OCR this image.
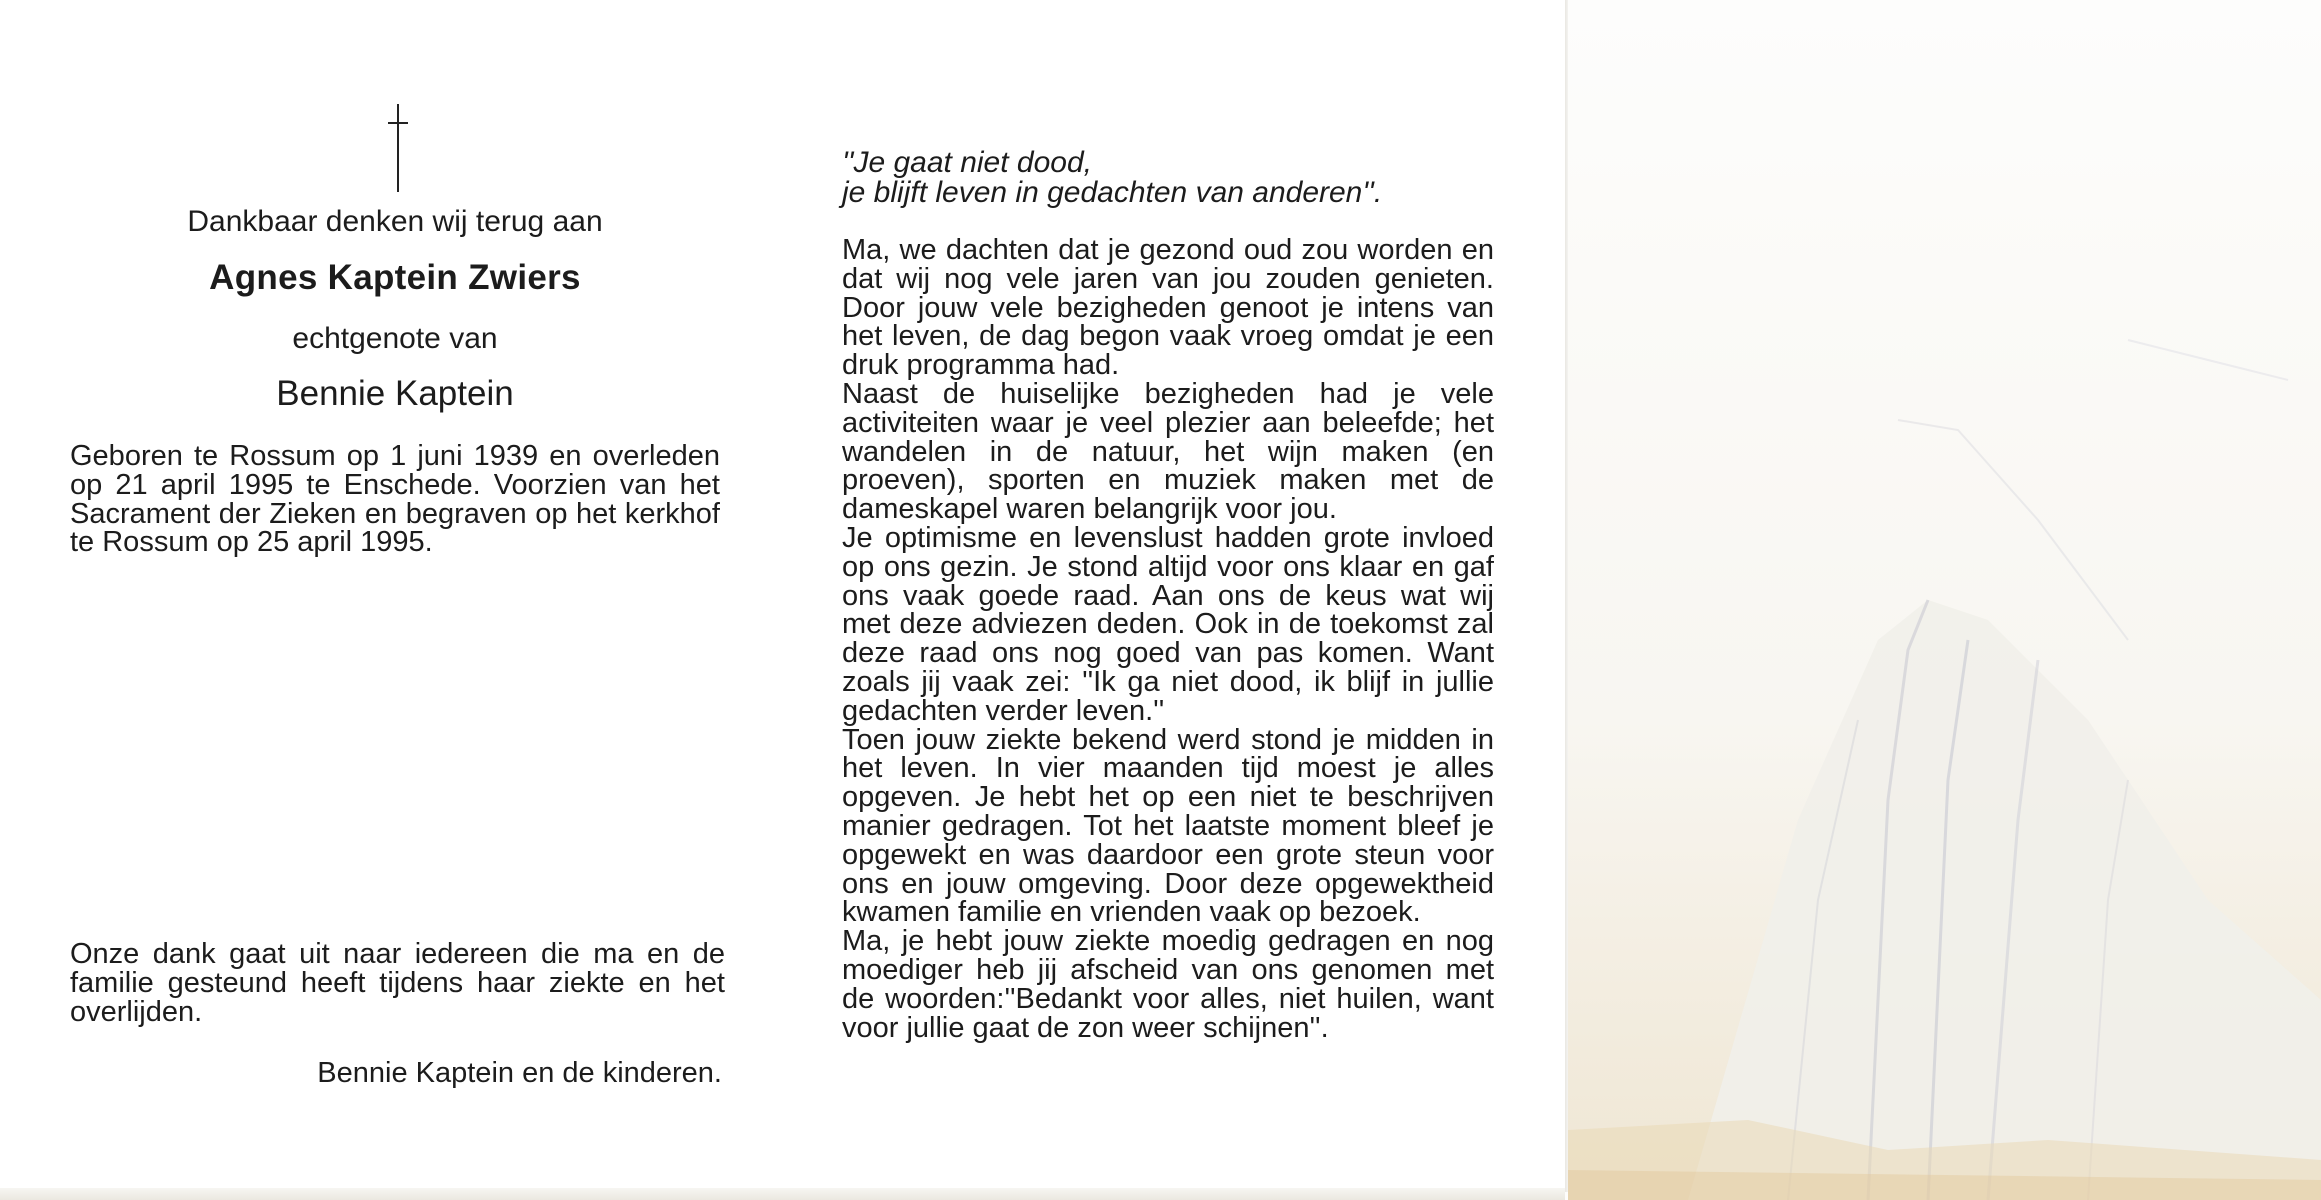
Dankbaar denken wij terug aan
Agnes Kaptein Zwiers
echtgenote van
Bennie Kaptein
Geboren te Rossum op 1 juni 1939 en overleden op 21 april 1995 te Enschede. Voorzien van het Sacrament der Zieken en begraven op het kerkhof te Rossum op 25 april 1995.
Onze dank gaat uit naar iedereen die ma en de familie gesteund heeft tijdens haar ziekte en het overlijden.
Bennie Kaptein en de kinderen.
''Je gaat niet dood,
je blijft leven in gedachten van anderen''.

Ma, we dachten dat je gezond oud zou worden en dat wij nog vele jaren van jou zouden genieten. Door jouw vele bezigheden genoot je intens van het leven, de dag begon vaak vroeg omdat je een druk programma had.

Naast de huiselijke bezigheden had je vele activiteiten waar je veel plezier aan beleefde; het wandelen in de natuur, het wijn maken (en proeven), sporten en muziek maken met de dameskapel waren belangrijk voor jou.

Je optimisme en levenslust hadden grote invloed op ons gezin. Je stond altijd voor ons klaar en gaf ons vaak goede raad. Aan ons de keus wat wij met deze adviezen deden. Ook in de toekomst zal deze raad ons nog goed van pas komen. Want zoals jij vaak zei: ''Ik ga niet dood, ik blijf in jullie gedachten verder leven.''

Toen jouw ziekte bekend werd stond je midden in het leven. In vier maanden tijd moest je alles opgeven. Je hebt het op een niet te beschrijven manier gedragen. Tot het laatste moment bleef je opgewekt en was daardoor een grote steun voor ons en jouw omgeving. Door deze opgewektheid kwamen familie en vrienden vaak op bezoek.

Ma, je hebt jouw ziekte moedig gedragen en nog moediger heb jij afscheid van ons genomen met de woorden:''Bedankt voor alles, niet huilen, want voor jullie gaat de zon weer schijnen''.
